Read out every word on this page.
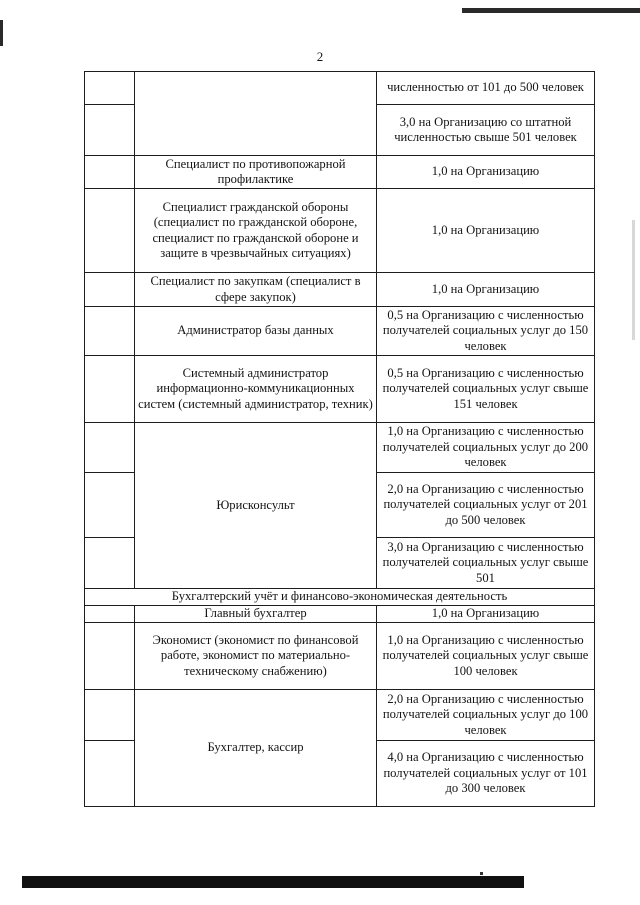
2
		численностью от 101 до 500 человек
		3,0 на Организацию со штатной численностью свыше 501 человек
	Специалист по противопожарной профилактике	1,0 на Организацию
	Специалист гражданской обороны (специалист по гражданской обороне, специалист по гражданской обороне и защите в чрезвычайных ситуациях)	1,0 на Организацию
	Специалист по закупкам (специалист в сфере закупок)	1,0 на Организацию
	Администратор базы данных	0,5 на Организацию с численностью получателей социальных услуг до 150 человек
	Системный администратор информационно-коммуникационных систем (системный администратор, техник)	0,5 на Организацию с численностью получателей социальных услуг свыше 151 человек
	Юрисконсульт	1,0 на Организацию с численностью получателей социальных услуг до 200 человек
		2,0 на Организацию с численностью получателей социальных услуг от 201 до 500 человек
		3,0 на Организацию с численностью получателей социальных услуг свыше 501
Бухгалтерский учёт и финансово-экономическая деятельность		
	Главный бухгалтер	1,0 на Организацию
	Экономист (экономист по финансовой работе, экономист по материально-техническому снабжению)	1,0 на Организацию с численностью получателей социальных услуг свыше 100 человек
	Бухгалтер, кассир	2,0 на Организацию с численностью получателей социальных услуг до 100 человек
		4,0 на Организацию с численностью получателей социальных услуг от 101 до 300 человек
